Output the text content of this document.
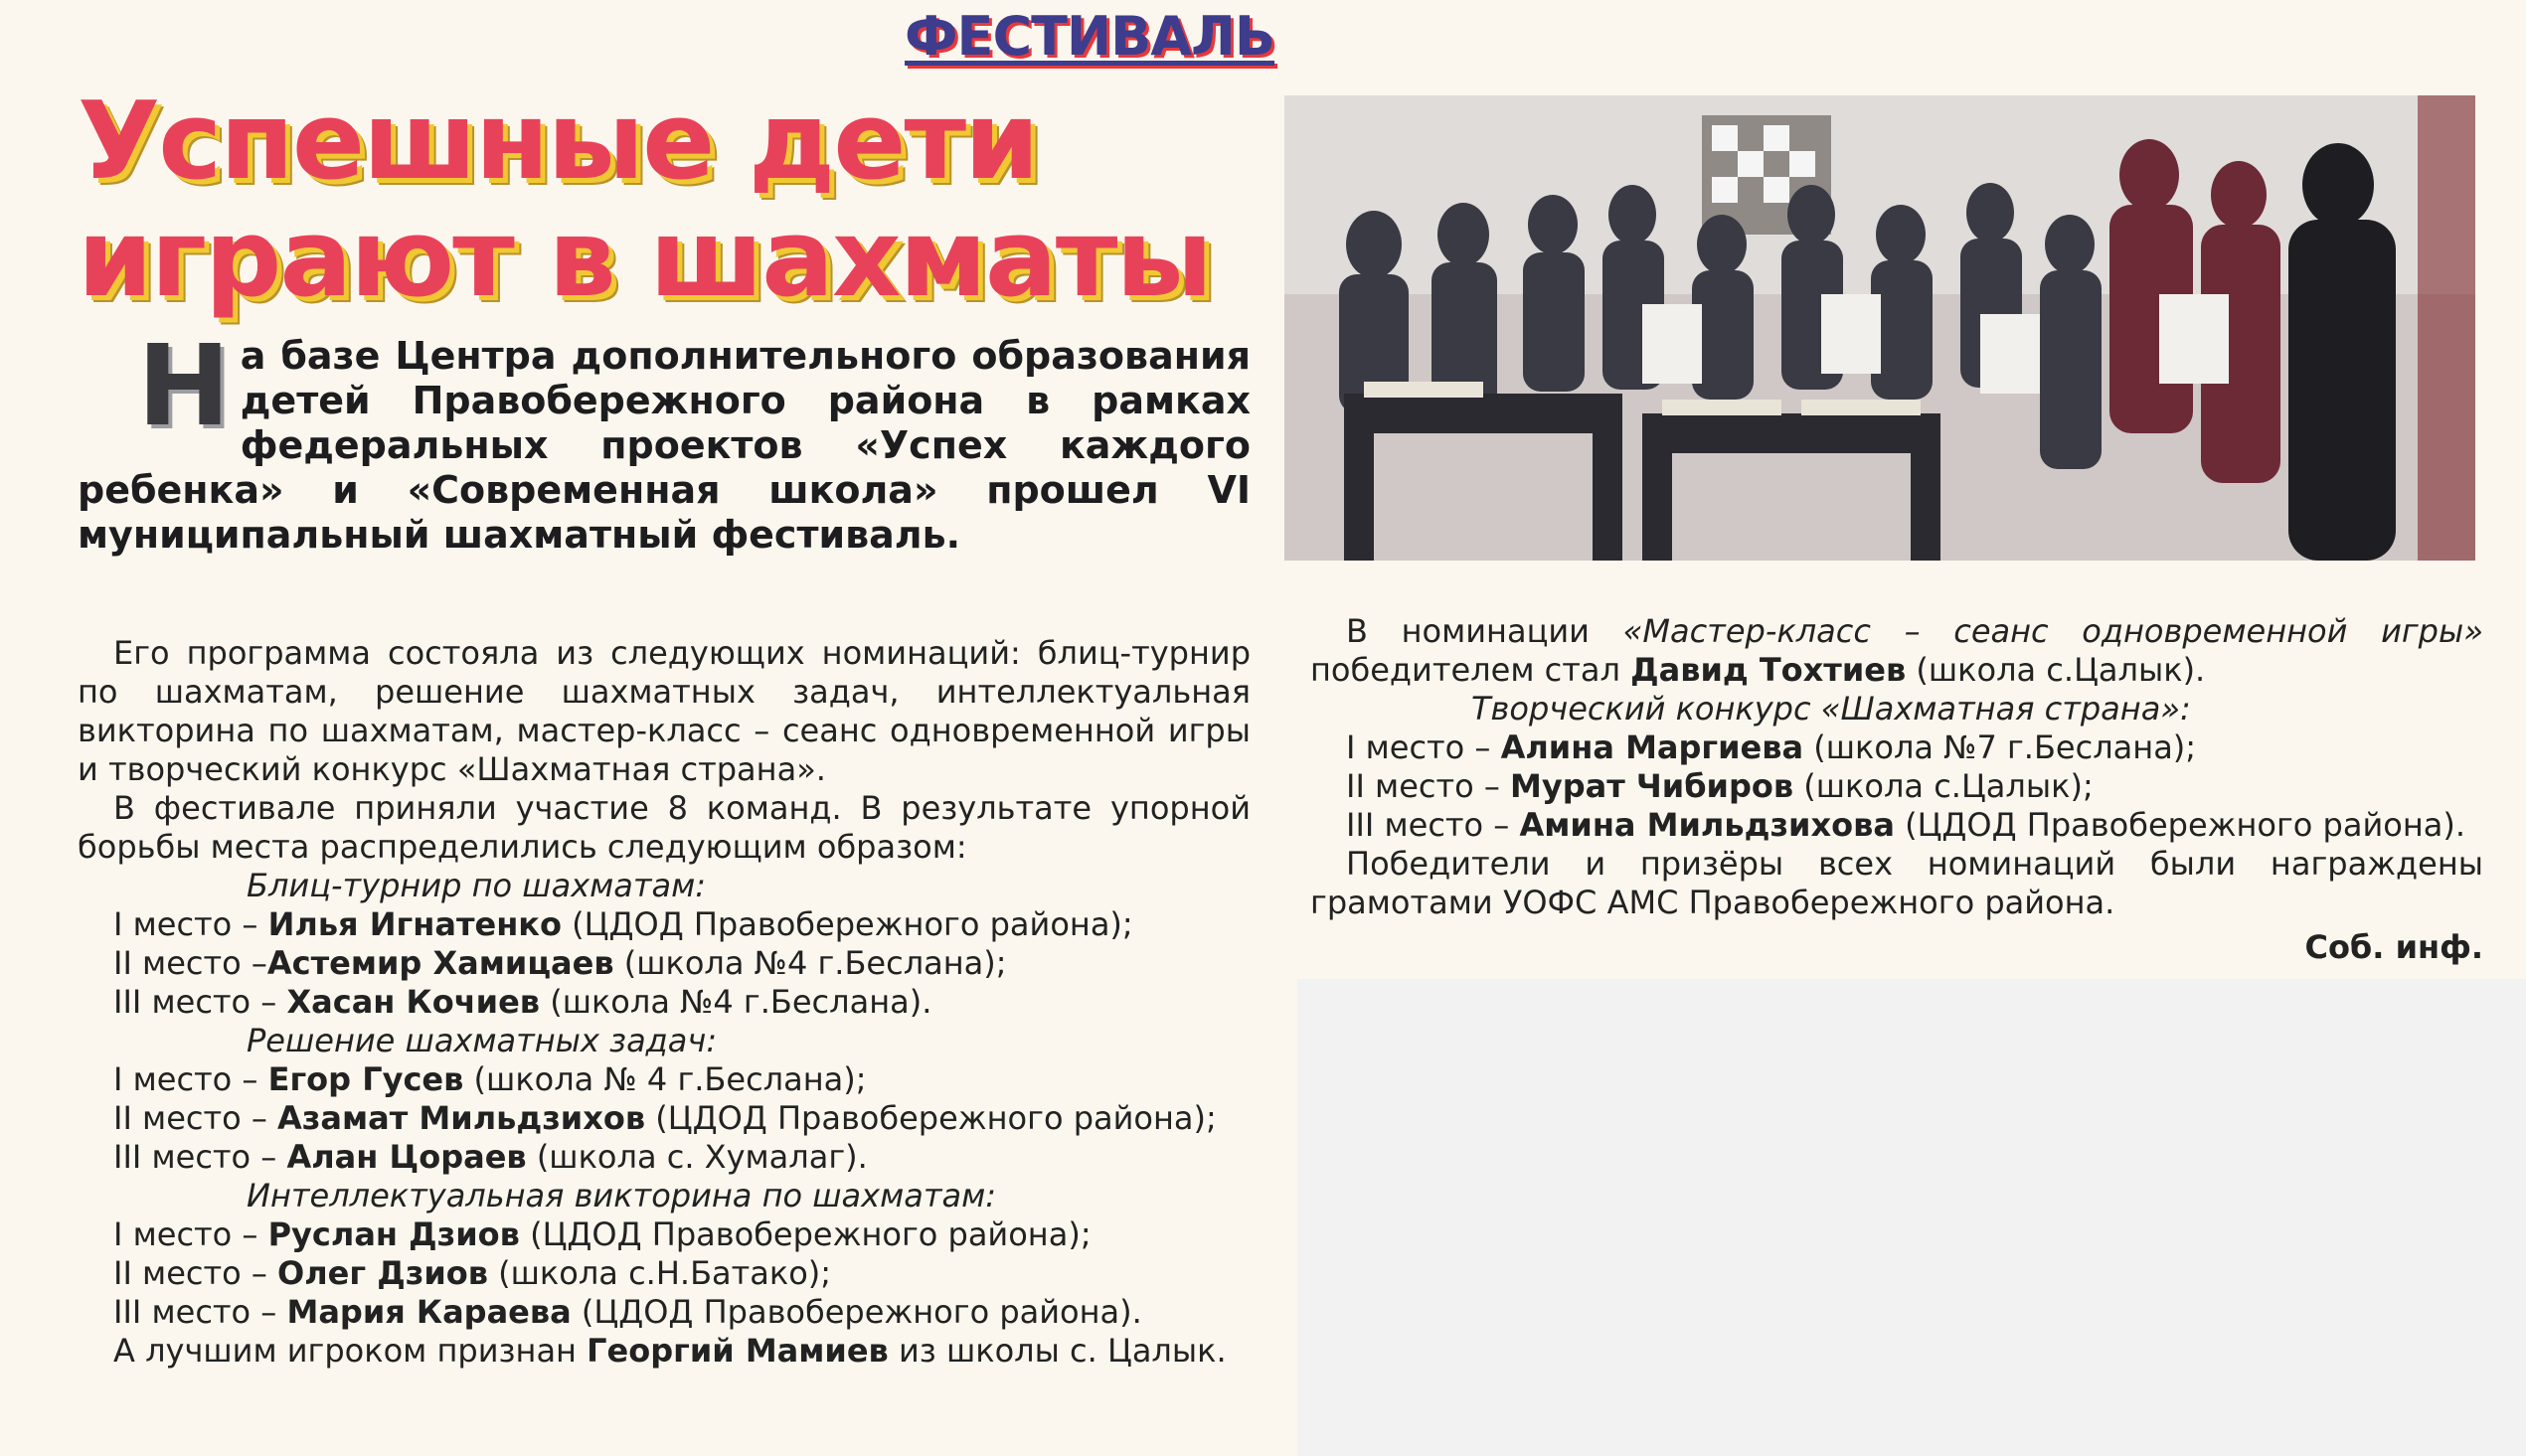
ФЕСТИВАЛЬ
Успешные дети
играют в шахматы
На базе Центра дополнительного образования детей Правобережного района в рамках федеральных проектов «Успех каждого ребенка» и «Современная школа» прошел VI муниципальный шахматный фестиваль.

Его программа состояла из следующих номинаций: блиц-турнир по шахматам, решение шахматных задач, интеллектуальная викторина по шахматам, мастер-класс – сеанс одновременной игры и творческий конкурс «Шахматная страна».

В фестивале приняли участие 8 команд. В результате упорной борьбы места распределились следующим образом:

Блиц-турнир по шахматам:

I место – Илья Игнатенко (ЦДОД Правобережного района);

II место –Астемир Хамицаев (школа №4 г.Беслана);

III место – Хасан Кочиев (школа №4 г.Беслана).

Решение шахматных задач:

I место – Егор Гусев (школа № 4 г.Беслана);

II место – Азамат Мильдзихов (ЦДОД Правобережного района);

III место – Алан Цораев (школа с. Хумалаг).

Интеллектуальная викторина по шахматам:

I место – Руслан Дзиов (ЦДОД Правобережного района);

II место – Олег Дзиов (школа с.Н.Батако);

III место – Мария Караева (ЦДОД Правобережного района).

А лучшим игроком признан Георгий Мамиев из школы с. Цалык.

В номинации «Мастер-класс – сеанс одновременной игры» победителем стал Давид Тохтиев (школа с.Цалык).

Творческий конкурс «Шахматная страна»:

I место – Алина Маргиева (школа №7 г.Беслана);

II место – Мурат Чибиров (школа с.Цалык);

III место – Амина Мильдзихова (ЦДОД Правобережного района).

Победители и призёры всех номинаций были награждены грамотами УОФС АМС Правобережного района.

Соб. инф.
